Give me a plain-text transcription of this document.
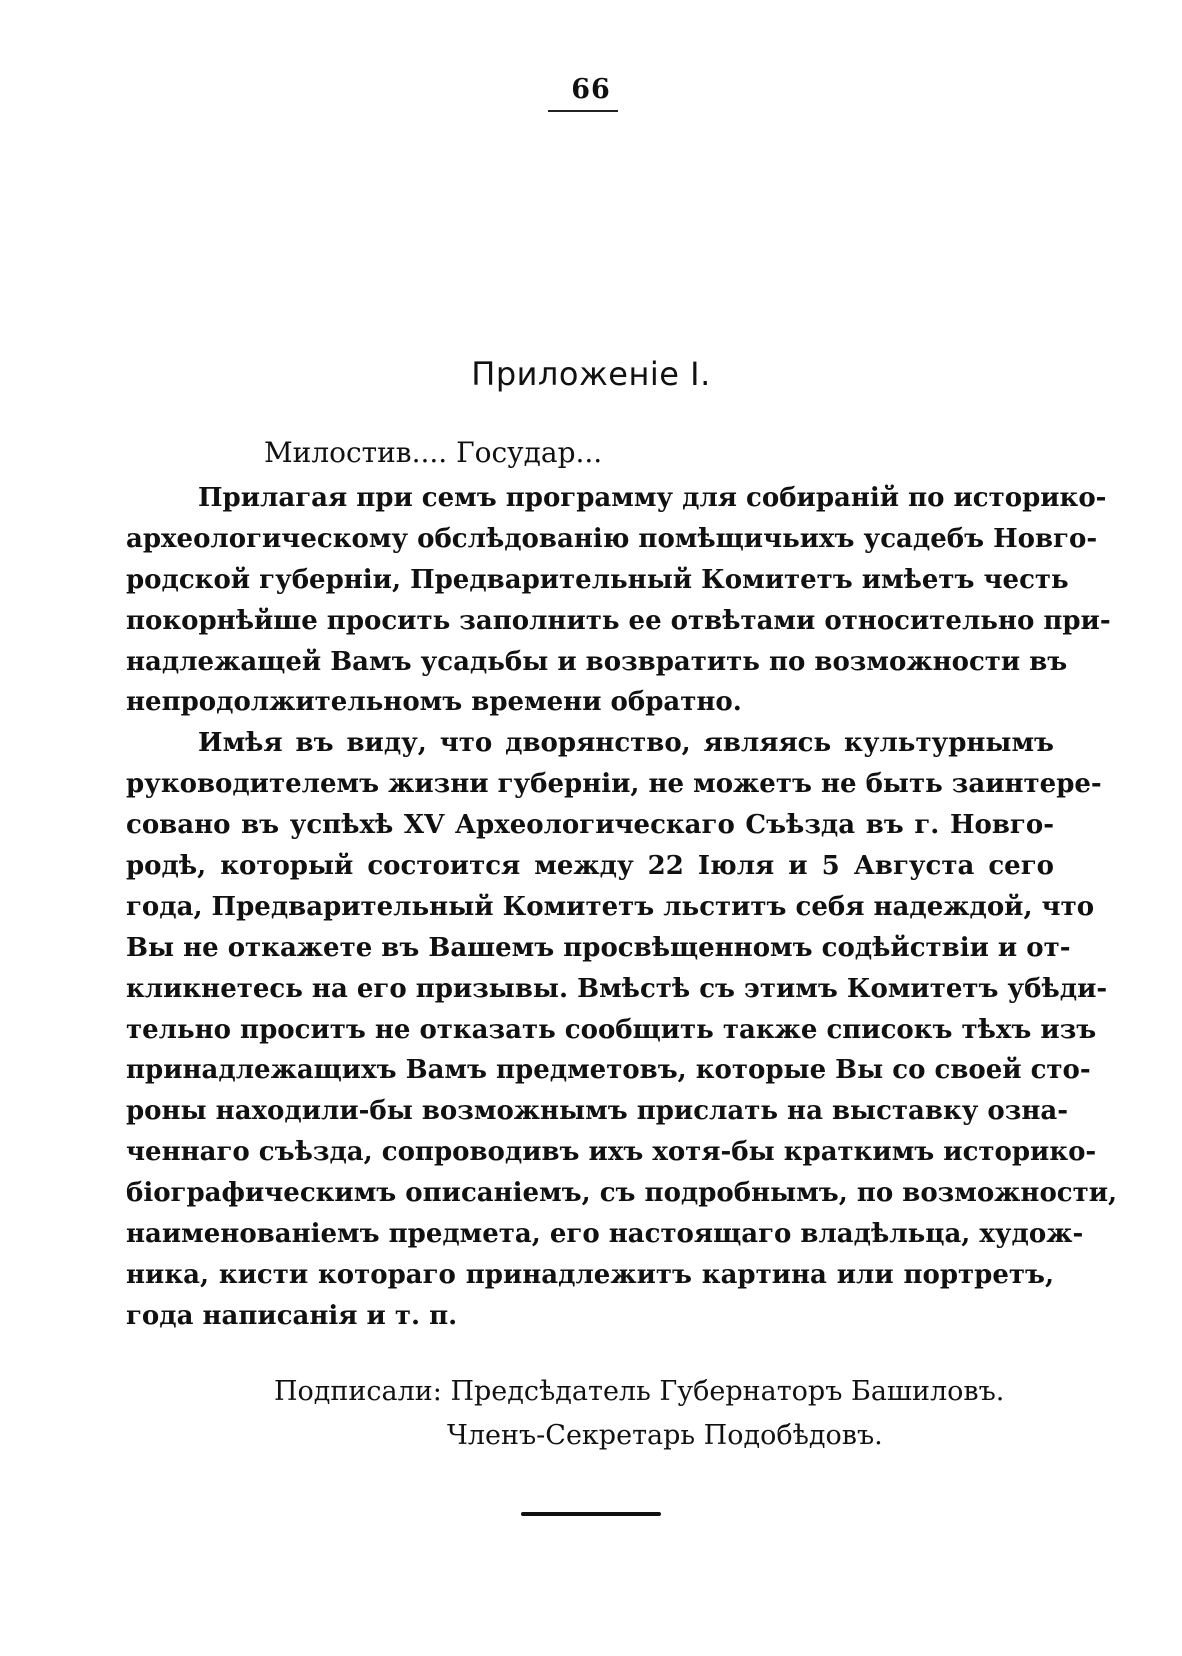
66
Приложеніе І.
Милостив.... Государ...
Прилагая при семъ программу для собираній по историко-
археологическому обслѣдованію помѣщичьихъ усадебъ Новго-
родской губерніи, Предварительный Комитетъ имѣетъ честь
покорнѣйше просить заполнить ее отвѣтами относительно при-
надлежащей Вамъ усадьбы и возвратить по возможности въ
непродолжительномъ времени обратно.
Имѣя въ виду, что дворянство, являясь культурнымъ
руководителемъ жизни губерніи, не можетъ не быть заинтере-
совано въ успѣхѣ XV Археологическаго Съѣзда въ г. Новго-
родѣ, который состоится между 22 Іюля и 5 Августа сего
года, Предварительный Комитетъ льститъ себя надеждой, что
Вы не откажете въ Вашемъ просвѣщенномъ содѣйствіи и от-
кликнетесь на его призывы. Вмѣстѣ съ этимъ Комитетъ убѣди-
тельно проситъ не отказать сообщить также списокъ тѣхъ изъ
принадлежащихъ Вамъ предметовъ, которые Вы со своей сто-
роны находили-бы возможнымъ прислать на выставку озна-
ченнаго съѣзда, сопроводивъ ихъ хотя-бы краткимъ историко-
біографическимъ описаніемъ, съ подробнымъ, по возможности,
наименованіемъ предмета, его настоящаго владѣльца, худож-
ника, кисти котораго принадлежитъ картина или портретъ,
года написанія и т. п.
Подписали: Предсѣдатель Губернаторъ Башиловъ.
Членъ-Секретарь Подобѣдовъ.
